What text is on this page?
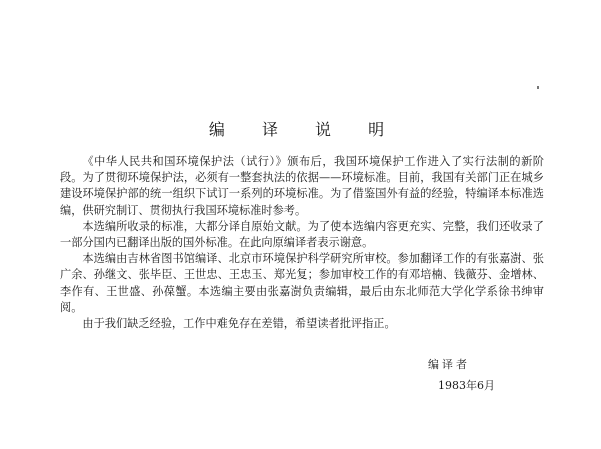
编 译 说 明

《中华人民共和国环境保护法（试行）》颁布后，我国环境保护工作进入了实行法制的新阶段。为了贯彻环境保护法，必须有一整套执法的依据——环境标准。目前，我国有关部门正在城乡建设环境保护部的统一组织下试订一系列的环境标准。为了借鉴国外有益的经验，特编译本标准选编，供研究制订、贯彻执行我国环境标准时参考。

本选编所收录的标准，大都分译自原始文献。为了使本选编内容更充实、完整，我们还收录了一部分国内已翻译出版的国外标准。在此向原编译者表示谢意。

本选编由吉林省图书馆编译、北京市环境保护科学研究所审校。参加翻译工作的有张嘉澍、张广余、孙继文、张毕臣、王世忠、王忠玉、郑光复；参加审校工作的有邓培楠、钱薇芬、金增林、李作有、王世盛、孙葆蟹。本选编主要由张嘉澍负责编辑，最后由东北师范大学化学系徐书绅审阅。

由于我们缺乏经验，工作中难免存在差错，希望读者批评指正。

编译者
1983年6月
